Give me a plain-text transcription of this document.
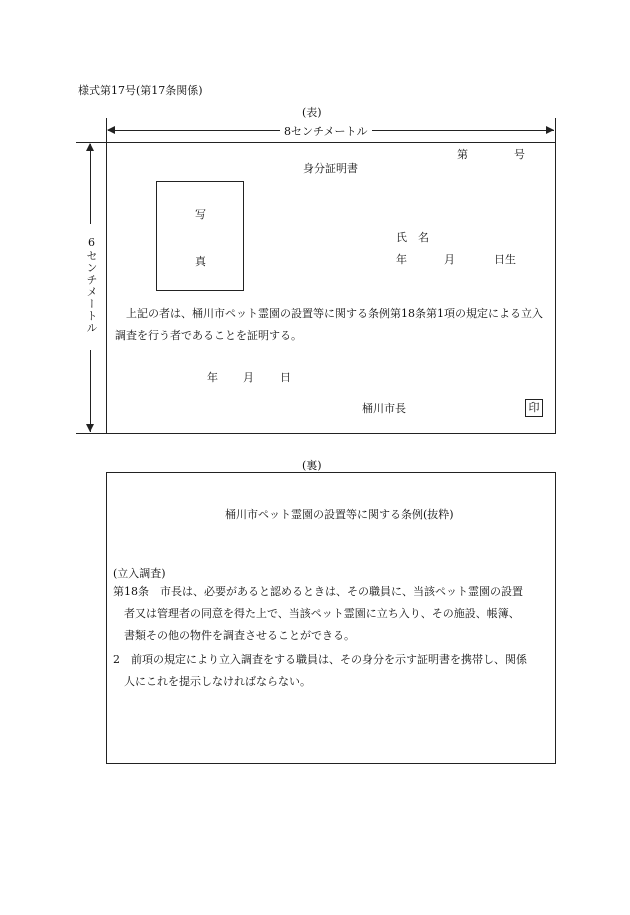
様式第17号(第17条関係)
(表)
8センチメートル
6センチメートル
第	号
身分証明書
写
真
氏　名
年	月	日生
上記の者は、桶川市ペット霊園の設置等に関する条例第18条第1項の規定による立入調査を行う者であることを証明する。
年 月 日
桶川市長	印
(裏)
桶川市ペット霊園の設置等に関する条例(抜粋)
(立入調査)
第18条　市長は、必要があると認めるときは、その職員に、当該ペット霊園の設置
者又は管理者の同意を得た上で、当該ペット霊園に立ち入り、その施設、帳簿、
書類その他の物件を調査させることができる。
2　前項の規定により立入調査をする職員は、その身分を示す証明書を携帯し、関係
人にこれを提示しなければならない。
